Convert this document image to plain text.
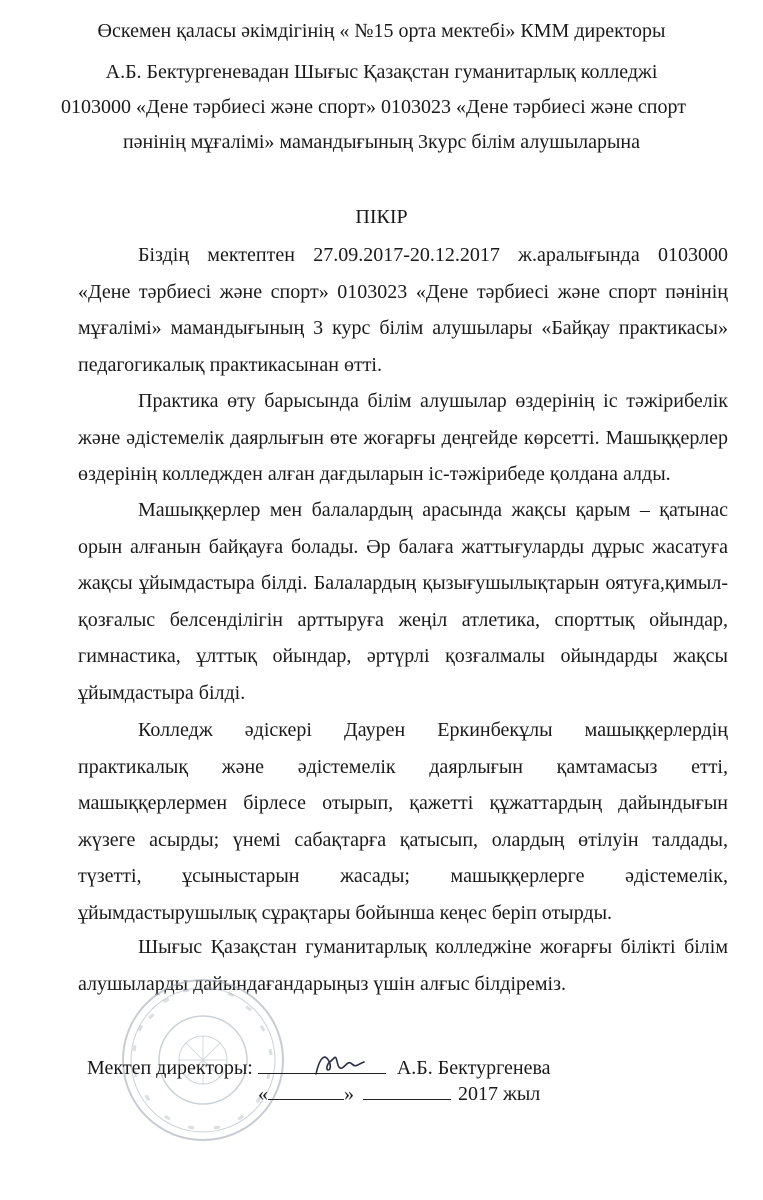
Өскемен қаласы әкімдігінің « №15 орта мектебі» КММ директоры
А.Б. Бектургеневадан Шығыс Қазақстан гуманитарлық колледжі
0103000 «Дене тәрбиесі және спорт» 0103023 «Дене тәрбиесі және спорт
пәнінің мұғалімі» мамандығының 3курс білім алушыларына
ПІКІР
Біздің мектептен 27.09.2017-20.12.2017 ж.аралығында 0103000 «Дене тәрбиесі және спорт» 0103023 «Дене тәрбиесі және спорт пәнінің мұғалімі» мамандығының 3 курс білім алушылары «Байқау практикасы» педагогикалық практикасынан өтті.
Практика өту барысында білім алушылар өздерінің іс тәжірибелік және әдістемелік даярлығын өте жоғарғы деңгейде көрсетті. Машыққерлер өздерінің колледжден алған дағдыларын іс-тәжірибеде қолдана алды.
Машыққерлер мен балалардың арасында жақсы қарым – қатынас орын алғанын байқауға болады. Әр балаға жаттығуларды дұрыс жасатуға жақсы ұйымдастыра білді. Балалардың қызығушылықтарын оятуға,қимыл-қозғалыс белсенділігін арттыруға жеңіл атлетика, спорттық ойындар, гимнастика, ұлттық ойындар, әртүрлі қозғалмалы ойындарды жақсы ұйымдастыра білді.
Колледж әдіскері Даурен Еркинбекұлы машыққерлердің практикалық және әдістемелік даярлығын қамтамасыз етті, машыққерлермен бірлесе отырып, қажетті құжаттардың дайындығын жүзеге асырды; үнемі сабақтарға қатысып, олардың өтілуін талдады, түзетті, ұсыныстарын жасады; машыққерлерге әдістемелік, ұйымдастырушылық сұрақтары бойынша кеңес беріп отырды.
Шығыс Қазақстан гуманитарлық колледжіне жоғарғы білікті білім алушыларды дайындағандарыңыз үшін алғыс білдіреміз.
Мектеп директоры:	А.Б. Бектургенева
«	»	2017 жыл
